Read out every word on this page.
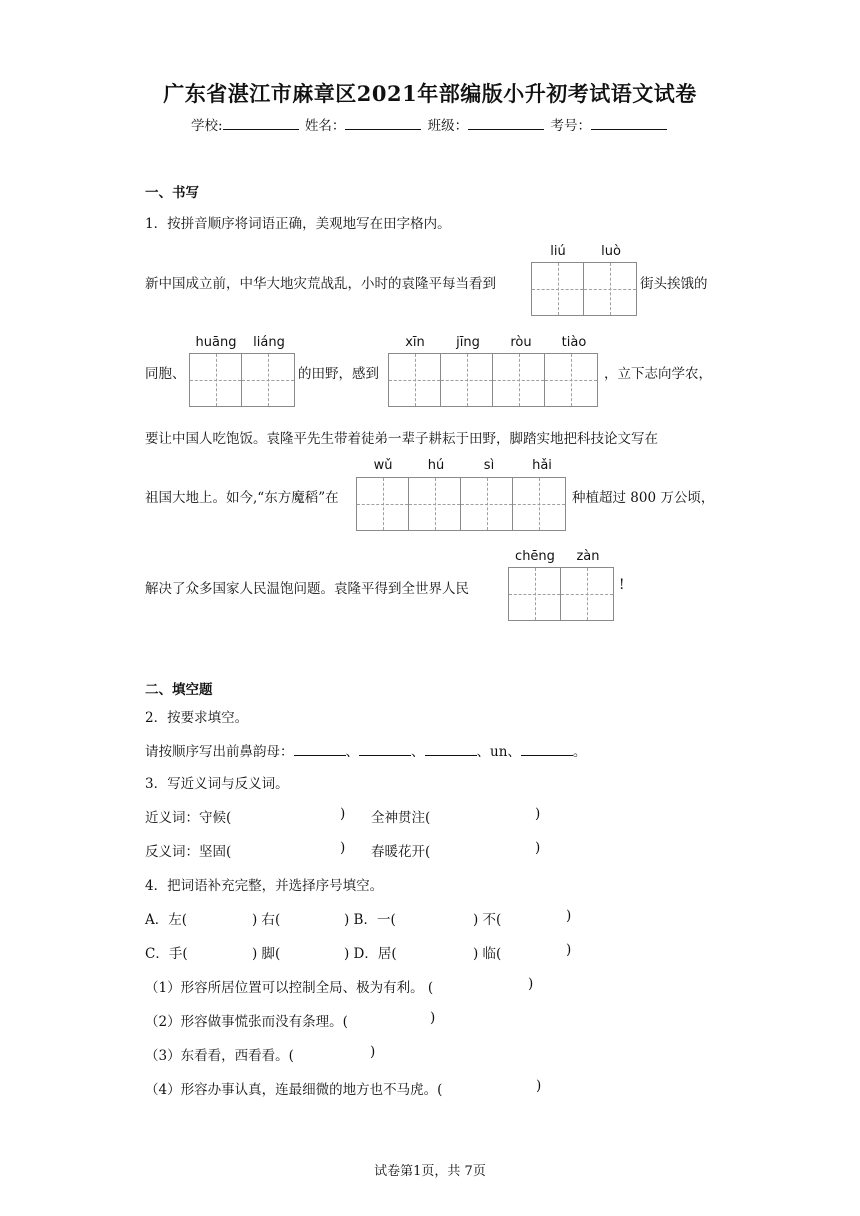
广东省湛江市麻章区2021年部编版小升初考试语文试卷
学校:	姓名：	班级：	考号：
一、书写
1．按拼音顺序将词语正确，美观地写在田字格内。
新中国成立前，中华大地灾荒战乱，小时的袁隆平每当看到
liú	luò
街头挨饿的
同胞、
huāng	liáng
的田野，感到
xīn	jīng	ròu	tiào
，立下志向学农，
要让中国人吃饱饭。袁隆平先生带着徒弟一辈子耕耘于田野，脚踏实地把科技论文写在
祖国大地上。如今,“东方魔稻”在
wǔ	hú	sì	hǎi
种植超过 800 万公顷，
解决了众多国家人民温饱问题。袁隆平得到全世界人民
chēng	zàn
!
二、填空题
2．按要求填空。
请按顺序写出前鼻韵母：	、	、	、un、	。
3．写近义词与反义词。
近义词：守候(	) 全神贯注(	)
反义词：坚固(	) 春暖花开(	)
4．把词语补充完整，并选择序号填空。
A．左(	) 右(	) B．一(	) 不(	)
C．手(	) 脚(	) D．居(	) 临(	)
（1）形容所居位置可以控制全局、极为有利。 (	)
（2）形容做事慌张而没有条理。(	)
（3）东看看，西看看。(	)
（4）形容办事认真，连最细微的地方也不马虎。(	)
试卷第1页，共 7页
